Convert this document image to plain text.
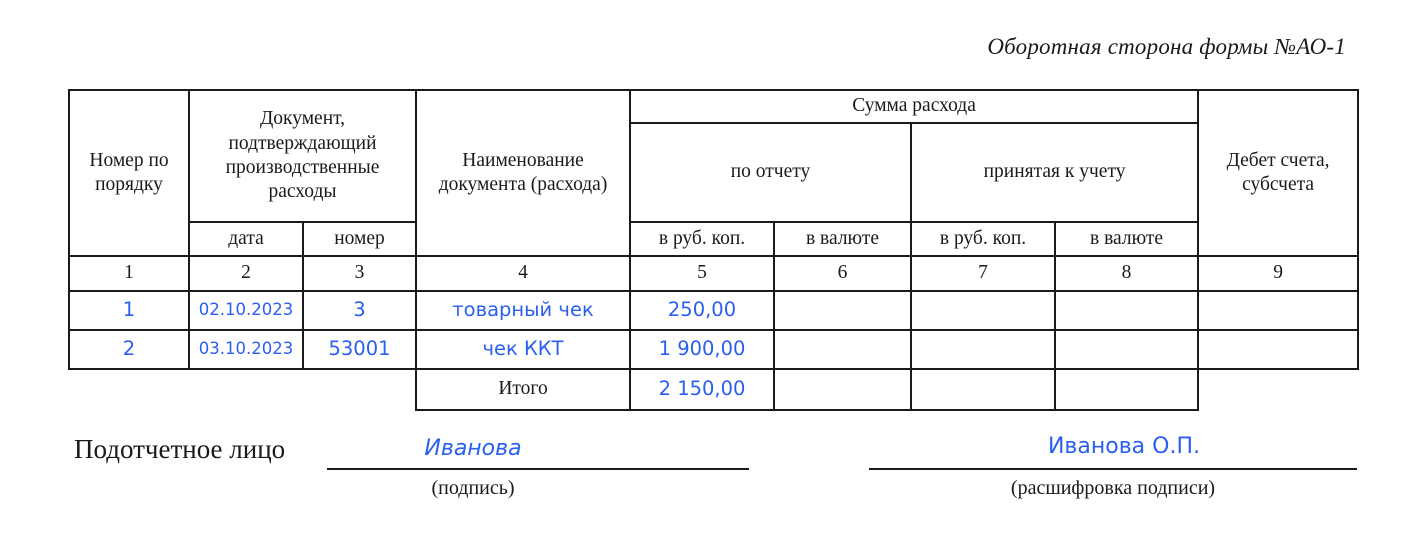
Оборотная сторона формы №АО-1
Номер по порядку	Документ, подтверждающий производственные расходы		Наименование документа (расхода)	Сумма расхода				Дебет счета, субсчета
				по отчету		принятая к учету		
	дата	номер		в руб. коп.	в валюте	в руб. коп.	в валюте	
1	2	3	4	5	6	7	8	9
1	02.10.2023	3	товарный чек	250,00				
2	03.10.2023	53001	чек ККТ	1 900,00				
			Итого	2 150,00				
Подотчетное лицо	Иванова
(подпись)
Иванова О.П.
(расшифровка подписи)
